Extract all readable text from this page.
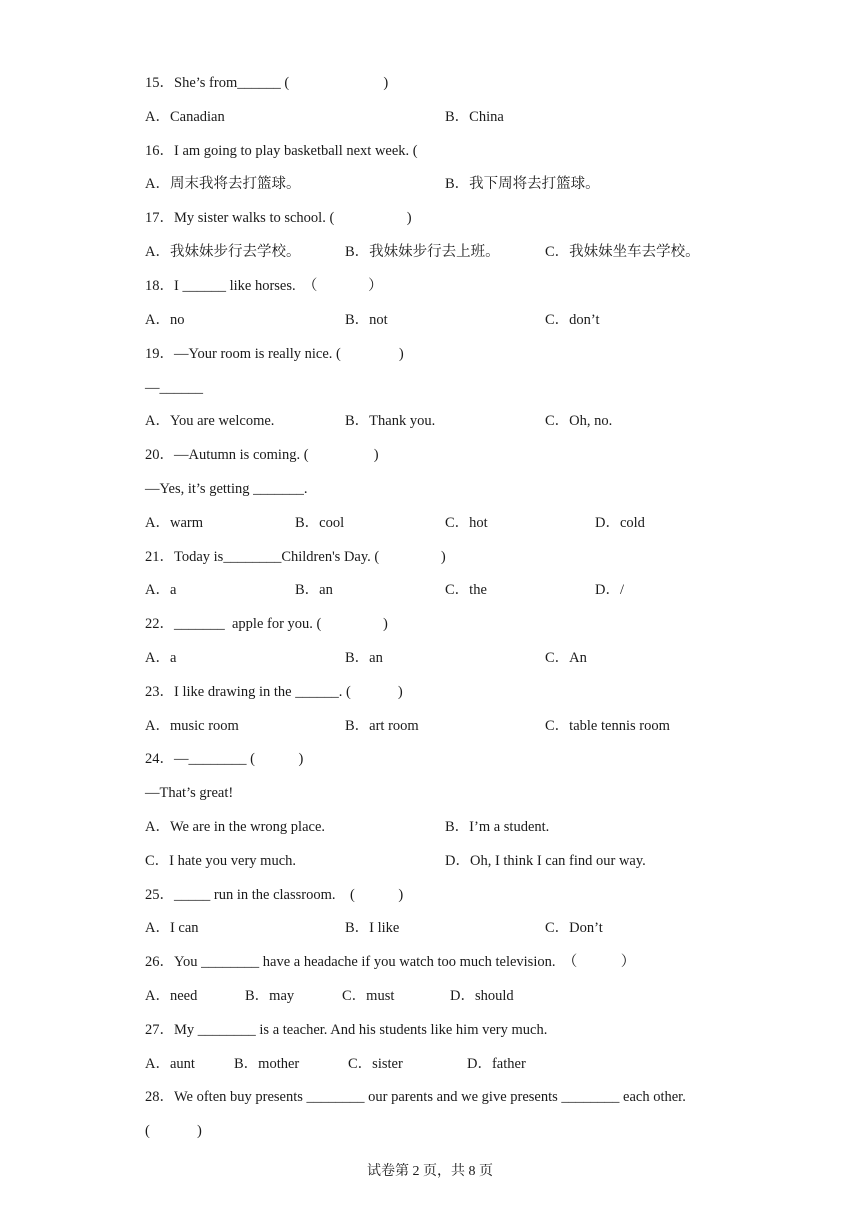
15．She’s from______ (                          )
A．Canadian	B．China
16．I am going to play basketball next week. (
A．周末我将去打篮球。	B．我下周将去打篮球。
17．My sister walks to school. (                    )
A．我妹妹步行去学校。	B．我妹妹步行去上班。	C．我妹妹坐车去学校。
18．I ______ like horses.  （              ）
A．no	B．not	C．don’t
19．—Your room is really nice. (                )
—______
A．You are welcome.	B．Thank you.	C．Oh, no.
20．—Autumn is coming. (                  )
—Yes, it’s getting _______.
A．warm	B．cool	C．hot	D．cold
21．Today is________Children's Day. (                 )
A．a	B．an	C．the	D．/
22．_______  apple for you. (                 )
A．a	B．an	C．An
23．I like drawing in the ______. (             )
A．music room	B．art room	C．table tennis room
24．—________ (            )
—That’s great!
A．We are in the wrong place.	B．I’m a student.
C．I hate you very much.	D．Oh, I think I can find our way.
25．_____ run in the classroom.    (            )
A．I can	B．I like	C．Don’t
26．You ________ have a headache if you watch too much television.  （            ）
A．need	B．may	C．must	D．should
27．My ________ is a teacher. And his students like him very much.
A．aunt	B．mother	C．sister	D．father
28．We often buy presents ________ our parents and we give presents ________ each other.
(             )
试卷第 2 页，共 8 页
